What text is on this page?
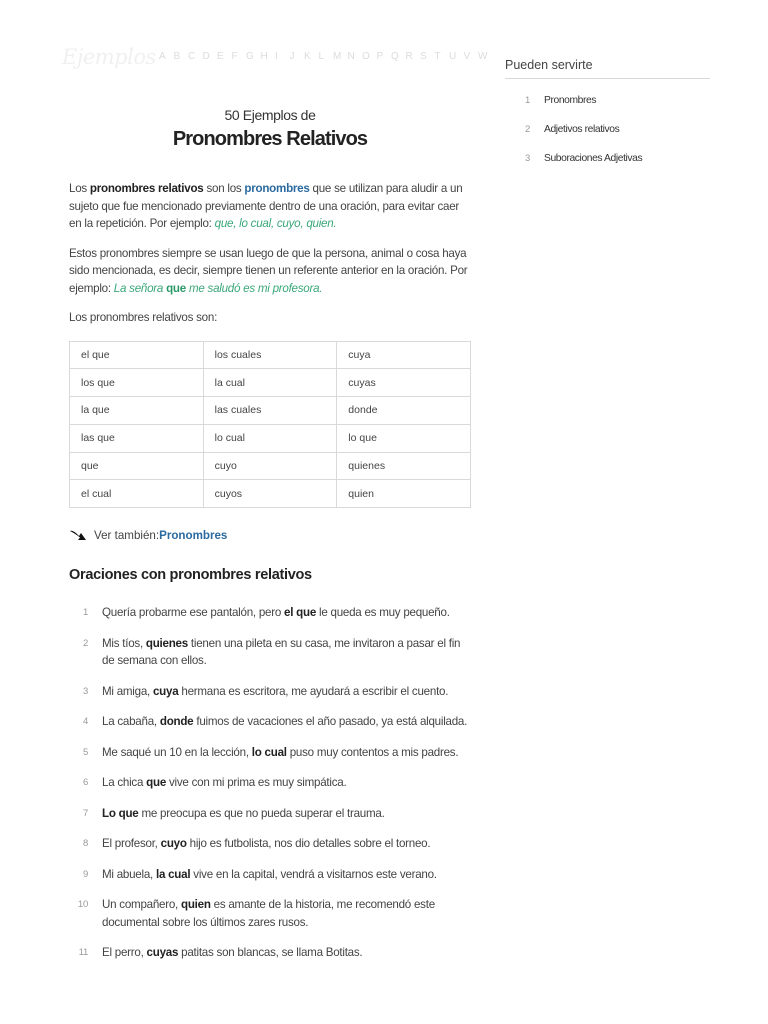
Ejemplos A B C D E F G H I	J K L M N O P Q R S T U V W
50 Ejemplos de
Pronombres Relativos

Los pronombres relativos son los pronombres que se utilizan para aludir a un sujeto que fue mencionado previamente dentro de una oración, para evitar caer en la repetición. Por ejemplo: que, lo cual, cuyo, quien.

Estos pronombres siempre se usan luego de que la persona, animal o cosa haya sido mencionada, es decir, siempre tienen un referente anterior en la oración. Por ejemplo: La señora que me saludó es mi profesora.

Los pronombres relativos son:

el que	los cuales	cuya
los que	la cual	cuyas
la que	las cuales	donde
las que	lo cual	lo que
que	cuyo	quienes
el cual	cuyos	quien
Ver también: Pronombres
Oraciones con pronombres relativos
1	Quería probarme ese pantalón, pero el que le queda es muy pequeño.
2	Mis tíos, quienes tienen una pileta en su casa, me invitaron a pasar el fin de semana con ellos.
3	Mi amiga, cuya hermana es escritora, me ayudará a escribir el cuento.
4	La cabaña, donde fuimos de vacaciones el año pasado, ya está alquilada.
5	Me saqué un 10 en la lección, lo cual puso muy contentos a mis padres.
6	La chica que vive con mi prima es muy simpática.
7	Lo que me preocupa es que no pueda superar el trauma.
8	El profesor, cuyo hijo es futbolista, nos dio detalles sobre el torneo.
9	Mi abuela, la cual vive en la capital, vendrá a visitarnos este verano.
10	Un compañero, quien es amante de la historia, me recomendó este documental sobre los últimos zares rusos.
11	El perro, cuyas patitas son blancas, se llama Botitas.
Pueden servirte
1	Pronombres
2	Adjetivos relativos
3	Suboraciones Adjetivas
